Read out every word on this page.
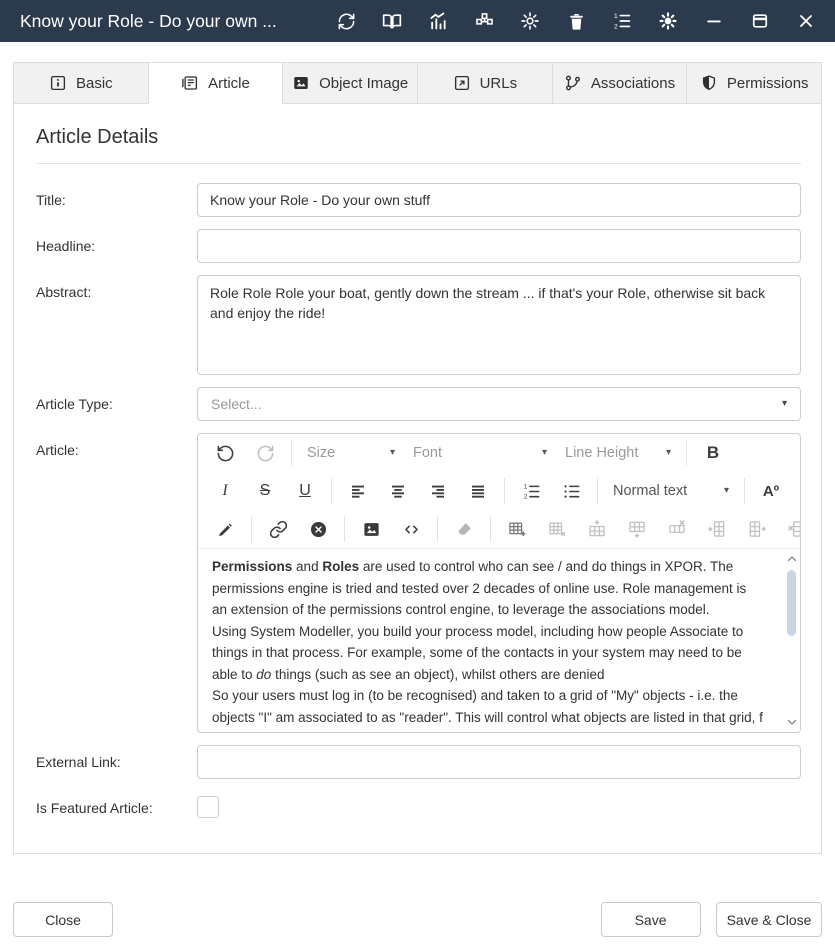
Know your Role - Do your own ...	1
2
Basic	Article	Object Image	URLs	Associations	Permissions
Article Details
Title:
Know your Role - Do your own stuff
Headline:
Abstract:
Role Role Role your boat, gently down the stream ... if that's your Role, otherwise sit back and enjoy the ride!
Article Type:	Select...	▾
Article:	Size	▾ Font	▾ Line Height	▾	B
I	S	U	1
2	Normal text	▾	Aº

Permissions and Roles are used to control who can see / and do things in XPOR. The permissions engine is tried and tested over 2 decades of online use. Role management is an extension of the permissions control engine, to leverage the associations model.

Using System Modeller, you build your process model, including how people Associate to things in that process. For example, some of the contacts in your system may need to be able to do things (such as see an object), whilst others are denied

So your users must log in (to be recognised) and taken to a grid of "My" objects - i.e. the objects "I" am associated to as "reader". This will control what objects are listed in that grid, f

External Link:
Is Featured Article:
Close	Save	Save & Close
